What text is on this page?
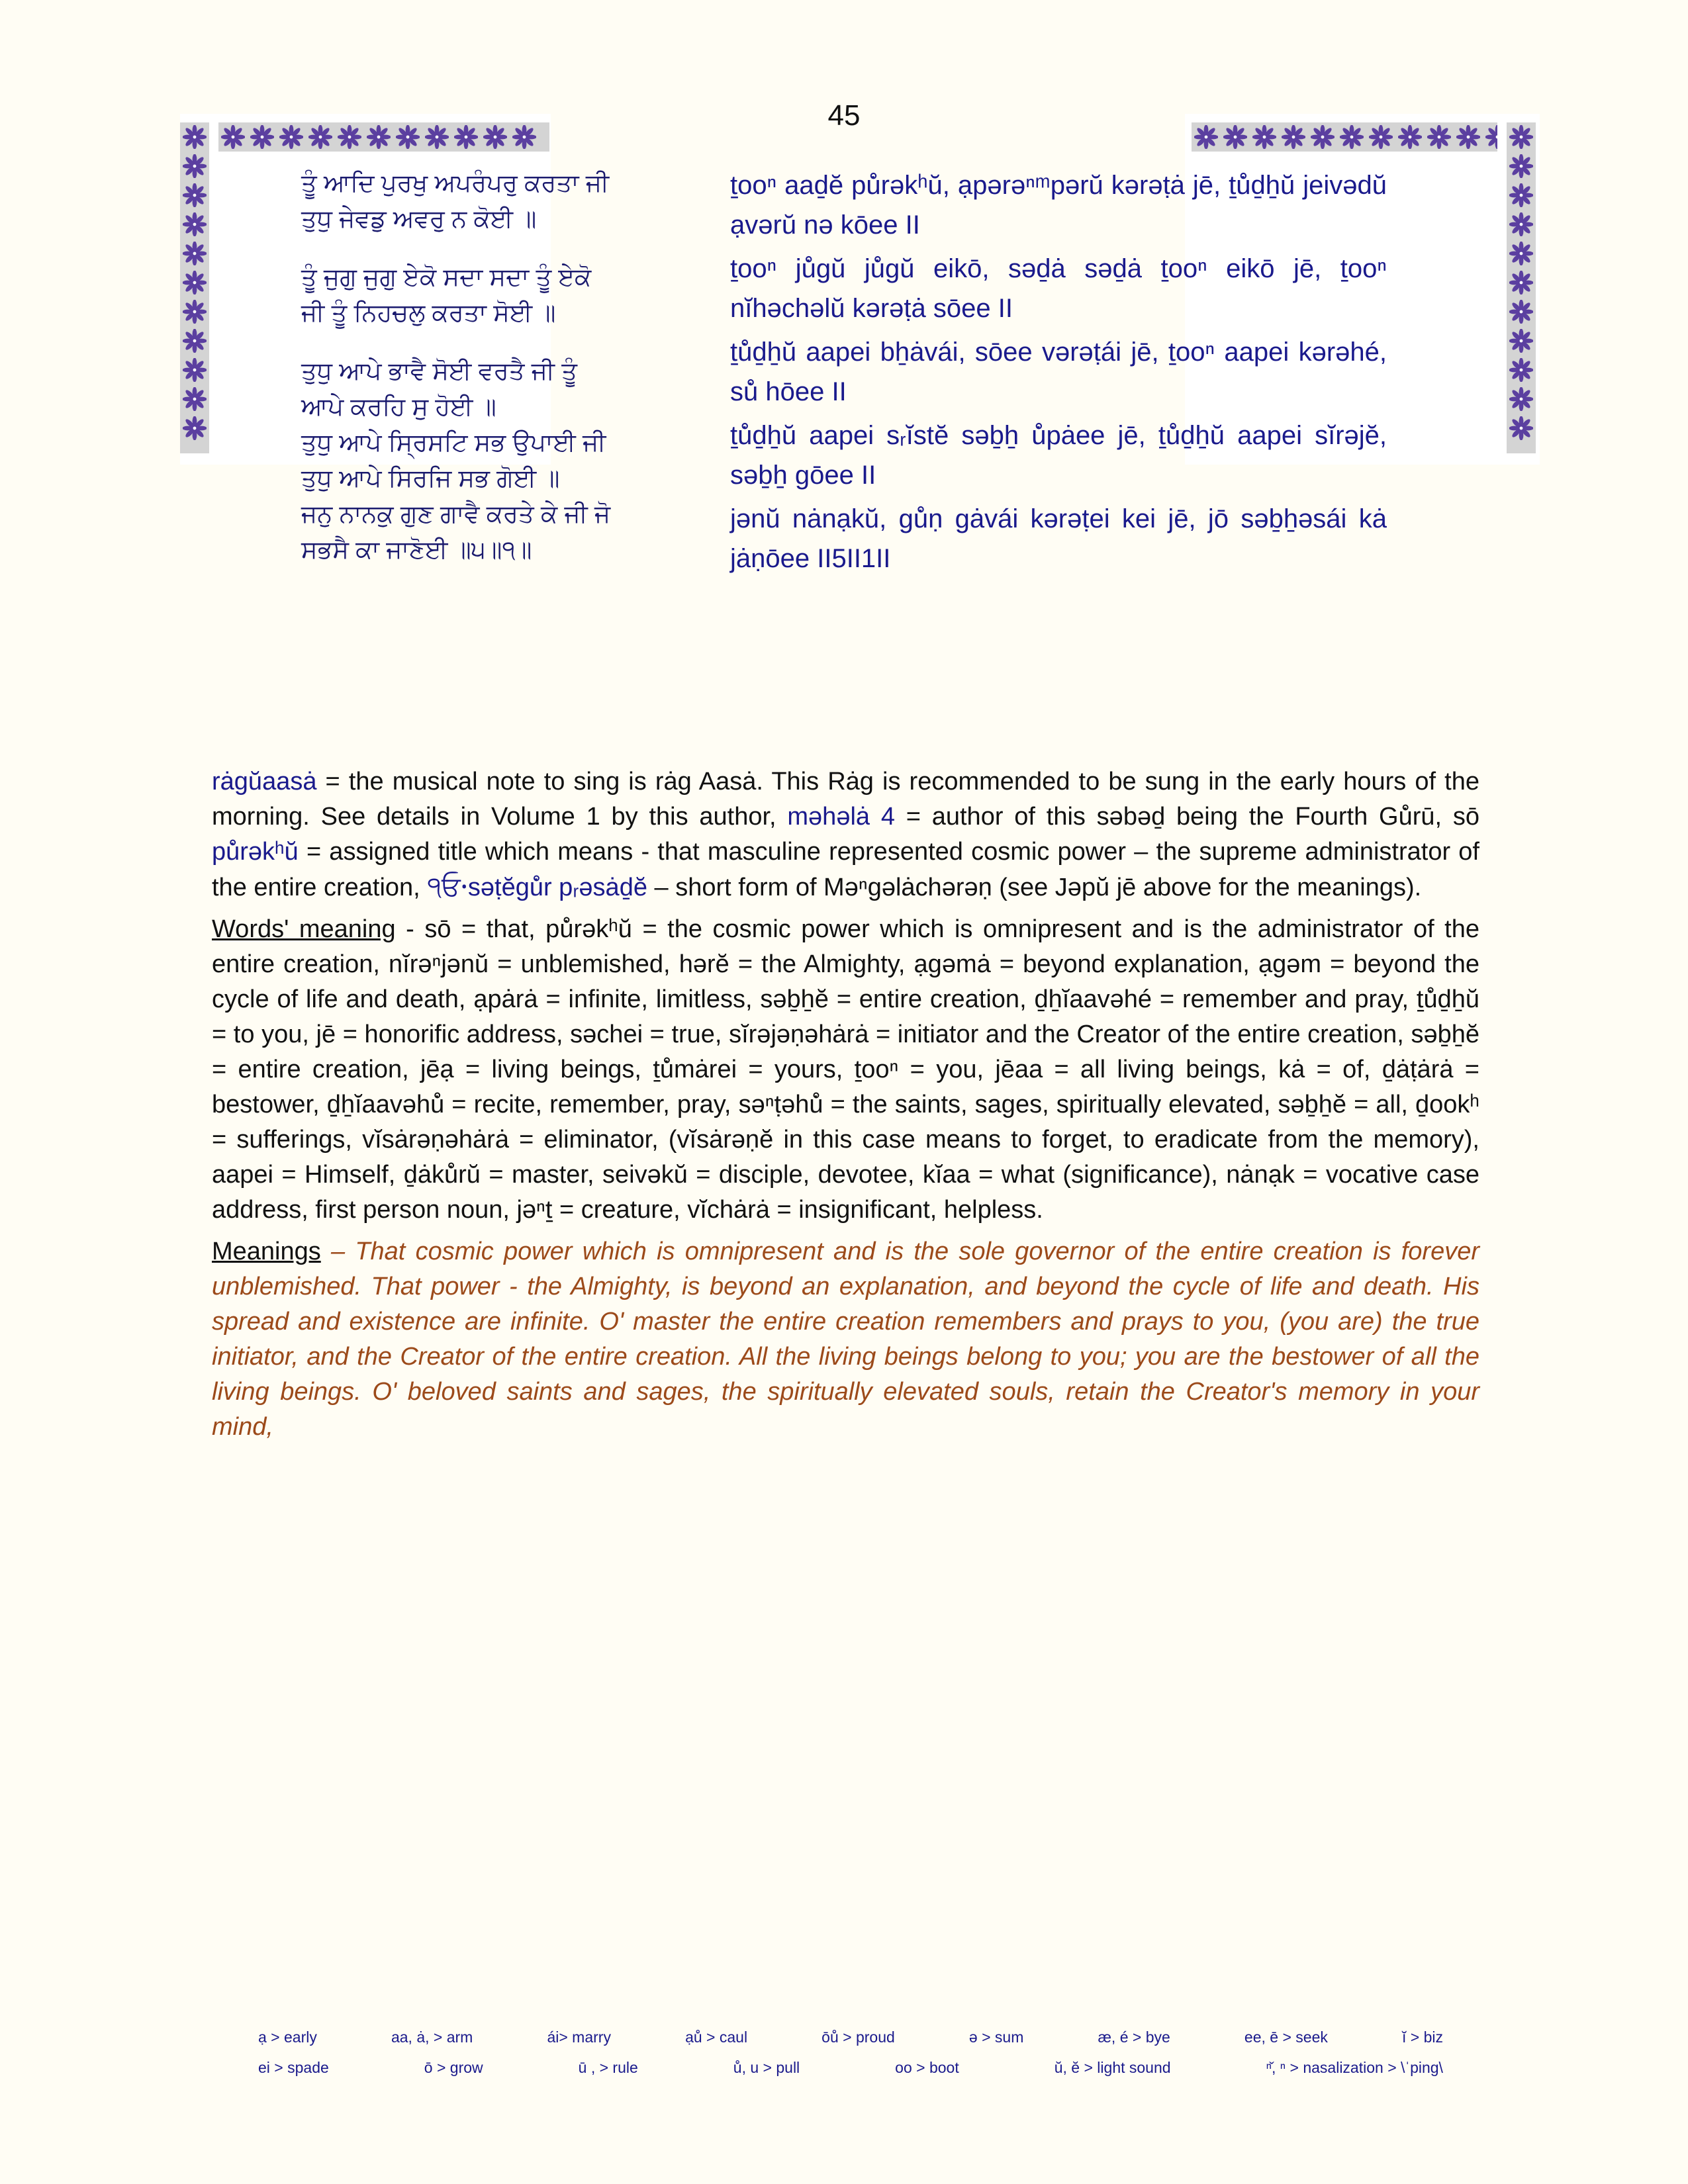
45
ਤੂੰ ਆਦਿ ਪੁਰਖੁ ਅਪਰੰਪਰੁ ਕਰਤਾ ਜੀ
ਤੁਧੁ ਜੇਵਡੁ ਅਵਰੁ ਨ ਕੋਈ ॥
ਤੂੰ ਜੁਗੁ ਜੁਗੁ ਏਕੋ ਸਦਾ ਸਦਾ ਤੂੰ ਏਕੋ
ਜੀ ਤੂੰ ਨਿਹਚਲੁ ਕਰਤਾ ਸੋਈ ॥
ਤੁਧੁ ਆਪੇ ਭਾਵੈ ਸੋਈ ਵਰਤੈ ਜੀ ਤੂੰ
ਆਪੇ ਕਰਹਿ ਸੁ ਹੋਈ ॥
ਤੁਧੁ ਆਪੇ ਸ੍ਰਿਸਟਿ ਸਭ ਉਪਾਈ ਜੀ
ਤੁਧੁ ਆਪੇ ਸਿਰਜਿ ਸਭ ਗੋਈ ॥
ਜਨੁ ਨਾਨਕੁ ਗੁਣ ਗਾਵੈ ਕਰਤੇ ਕੇ ਜੀ ਜੋ
ਸਭਸੈ ਕਾ ਜਾਣੋਈ ॥੫॥੧॥
ṯooⁿ aaḏĕ pů̇rəkʰŭ, ạpərəⁿᵐpərŭ kərəṭȧ jē, ṯů̇ḏẖŭ jeivədŭ ạvərŭ nə kōee II
ṯooⁿ jů̇gŭ jů̇gŭ eikō, səḏȧ səḏȧ ṯooⁿ eikō jē, ṯooⁿ nĭhəchəlŭ kərəṭȧ sōee II
ṯů̇ḏẖŭ aapei bẖȧvái, sōee vərəṭái jē, ṯooⁿ aapei kərəhé, sů̇ hōee II
ṯů̇ḏẖŭ aapei sᵣĭstĕ səḇẖ ů̇pȧee jē, ṯů̇ḏẖŭ aapei sĭrəjĕ, səḇẖ gōee II
jənŭ nȧnạkŭ, gů̇ṇ gȧvái kərəṭei kei jē, jō səḇẖəsái kȧ jȧṇōee II5II1II

rȧgŭaasȧ = the musical note to sing is rȧg Aasȧ. This Rȧg is recommended to be sung in the early hours of the morning. See details in Volume 1 by this author, məhəlȧ 4 = author of this səbəḏ being the Fourth Gů̇rū, sō pů̇rəkʰŭ = assigned title which means - that masculine represented cosmic power – the supreme administrator of the entire creation, ੧ਓ੶səṭĕgů̇r pᵣəsȧḏĕ – short form of Məⁿgəlȧchərəṇ (see Jəpŭ jē above for the meanings).

Words' meaning - sō = that, pů̇rəkʰŭ = the cosmic power which is omnipresent and is the administrator of the entire creation, nĭrəⁿjənŭ = unblemished, hərĕ = the Almighty, ạgəmȧ = beyond explanation, ạgəm = beyond the cycle of life and death, ạpȧrȧ = infinite, limitless, səḇẖĕ = entire creation, ḏẖĭaavəhé = remember and pray, ṯů̇ḏẖŭ = to you, jē = honorific address, səchei = true, sĭrəjəṇəhȧrȧ = initiator and the Creator of the entire creation, səḇẖĕ = entire creation, jēạ = living beings, ṯů̇mȧrei = yours, ṯooⁿ = you, jēaa = all living beings, kȧ = of, ḏȧṭȧrȧ = bestower, ḏẖĭaavəhů̇ = recite, remember, pray, səⁿṭəhů̇ = the saints, sages, spiritually elevated, səḇẖĕ = all, ḏookʰ = sufferings, vĭsȧrəṇəhȧrȧ = eliminator, (vĭsȧrəṇĕ in this case means to forget, to eradicate from the memory), aapei = Himself, ḏȧků̇rŭ = master, seivəkŭ = disciple, devotee, kĭaa = what (significance), nȧnạk = vocative case address, first person noun, jəⁿṯ = creature, vĭchȧrȧ = insignificant, helpless.

Meanings – That cosmic power which is omnipresent and is the sole governor of the entire creation is forever unblemished. That power - the Almighty, is beyond an explanation, and beyond the cycle of life and death. His spread and existence are infinite. O' master the entire creation remembers and prays to you, (you are) the true initiator, and the Creator of the entire creation. All the living beings belong to you; you are the bestower of all the living beings. O' beloved saints and sages, the spiritually elevated souls, retain the Creator's memory in your mind,

ạ > early	aa, ȧ, > arm	ái> marry	ạů̇ > caul	ōů̇ > proud	ə > sum	æ, é > bye	ee, ē > seek	ĭ > biz
ei > spade	ō > grow	ū , > rule	ů̇, u > pull	oo > boot	ŭ, ĕ > light sound	ⁿ̌, ⁿ > nasalization > \ˈping\
